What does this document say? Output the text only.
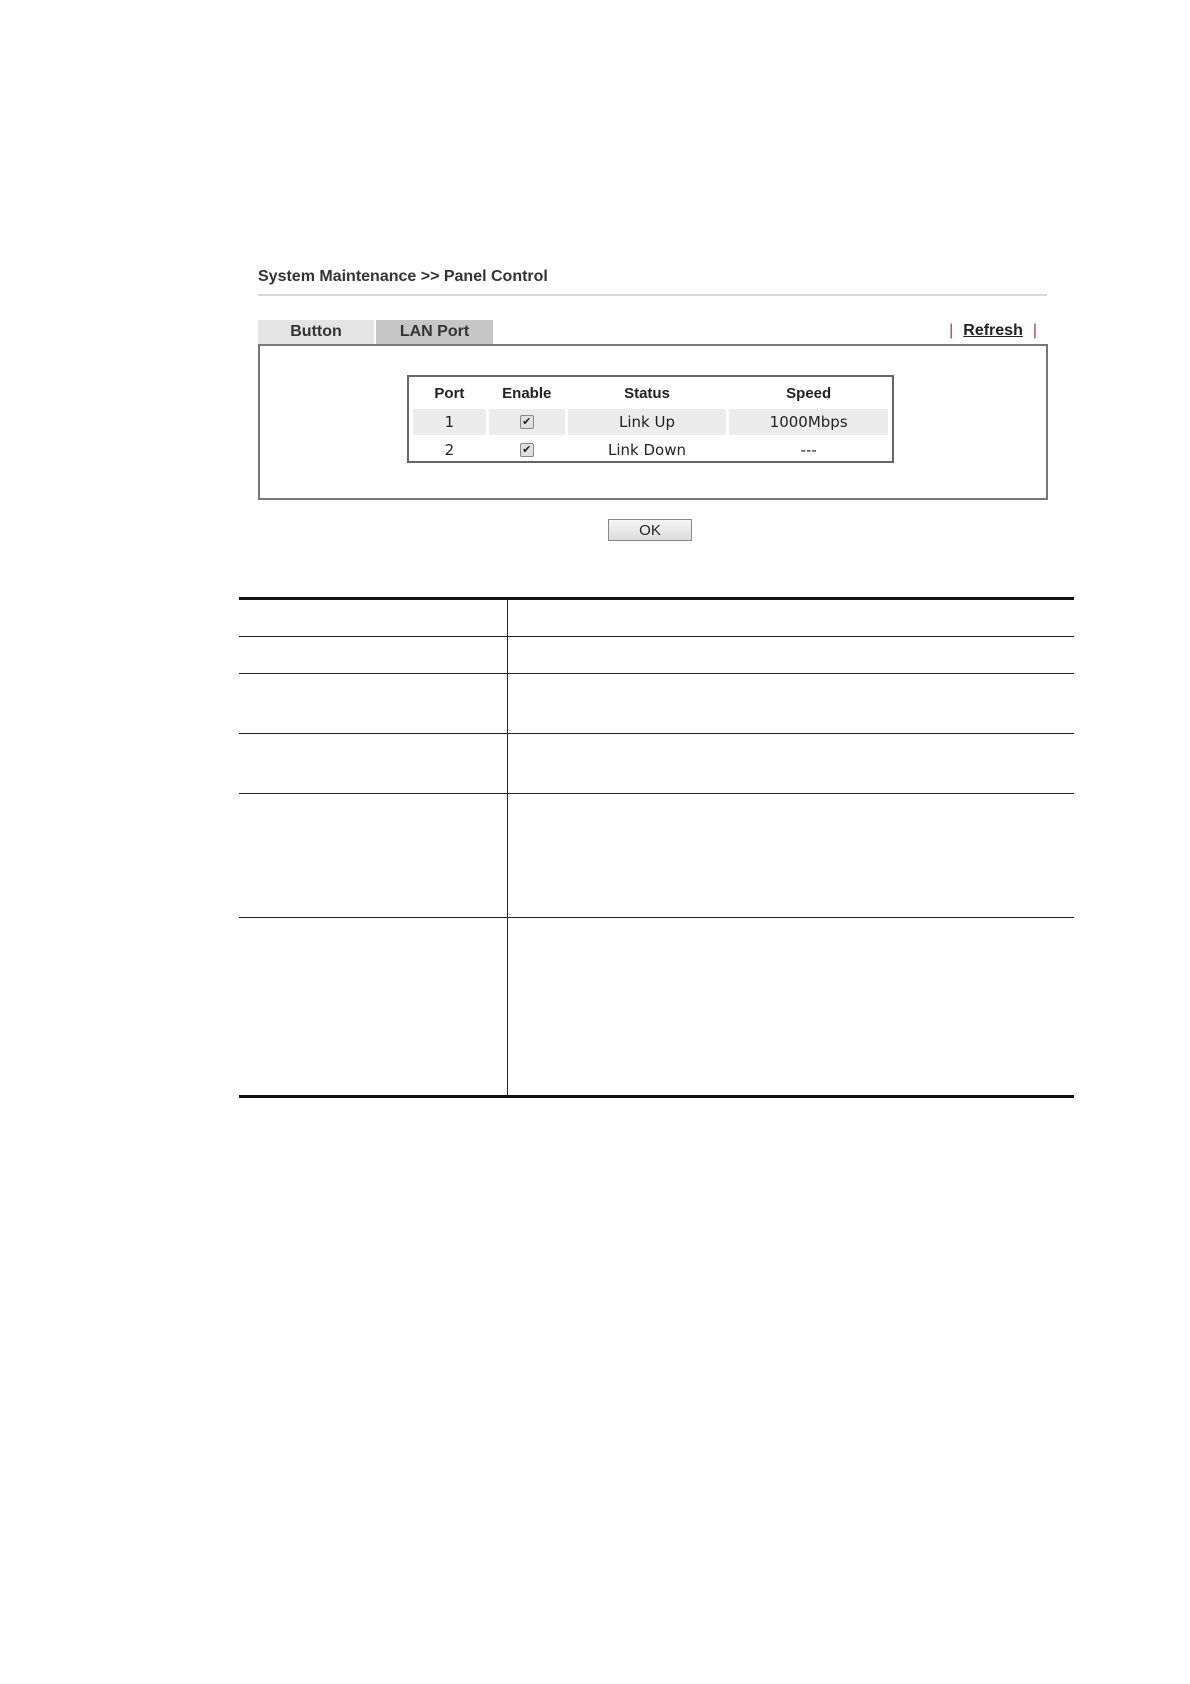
System Maintenance >> Panel Control
Button	LAN Port	| Refresh |
Port	Enable	Status	Speed
1	✔	Link Up	1000Mbps
2	✔	Link Down	---
OK
